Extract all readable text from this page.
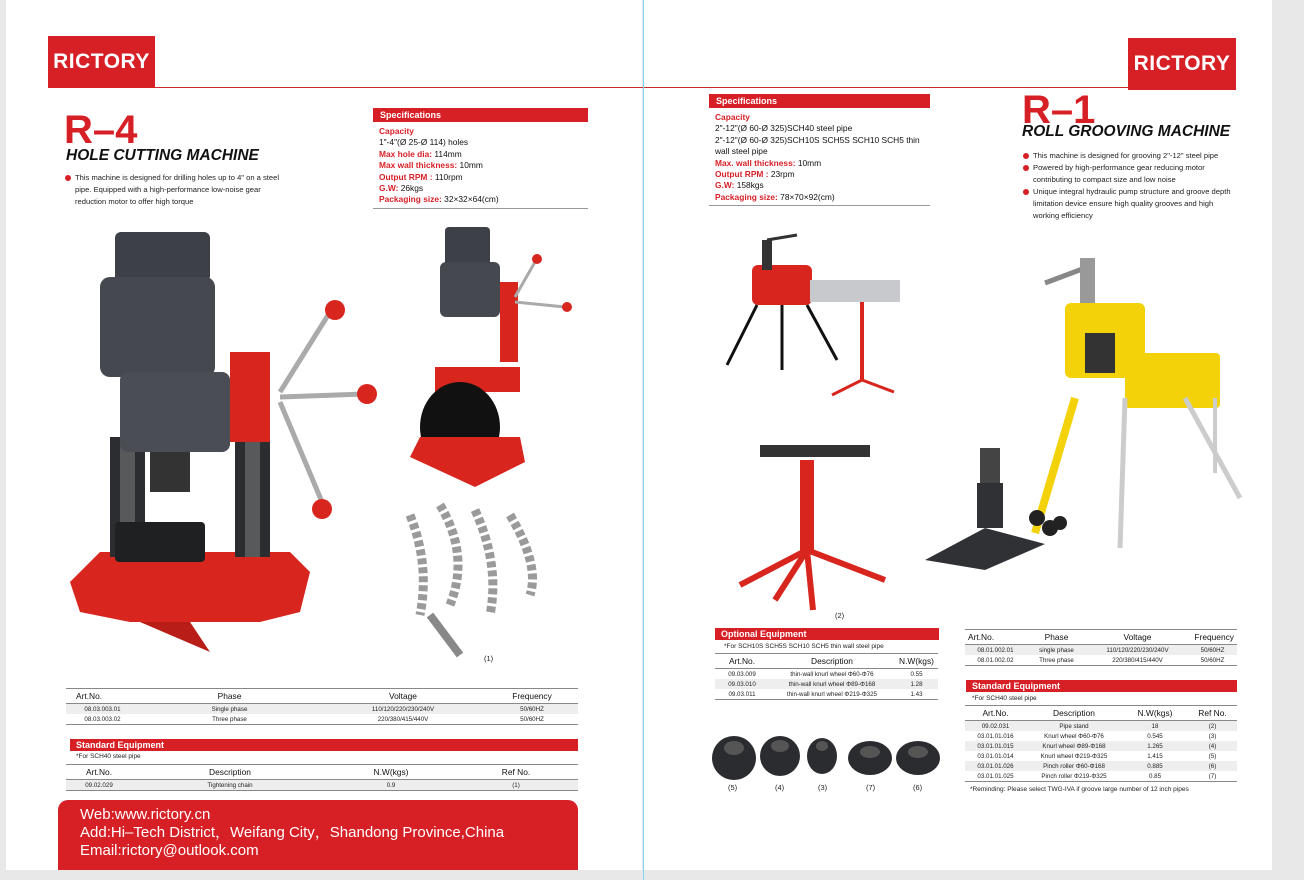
RICTORY
R–4
HOLE CUTTING MACHINE
This machine is designed for drilling holes up to 4" on a steel pipe. Equipped with a high-performance low-noise gear reduction motor to offer high torque
Specifications
Capacity
1"-4"(Ø 25-Ø 114) holes
Max hole dia: 114mm
Max wall thickness: 10mm
Output RPM : 110rpm
G.W: 26kgs
Packaging size: 32×32×64(cm)
(1)
Art.No.	Phase	Voltage	Frequency
08.03.003.01	Single phase	110/120/220/230/240V	50/60HZ
08.03.003.02	Three phase	220/380/415/440V	50/60HZ
Standard Equipment
*For SCH40 steel pipe
Art.No.	Description	N.W(kgs)	Ref No.
09.02.029	Tightening chain	0.9	(1)
Web:www.rictory.cn
Add:Hi–Tech District，Weifang City，Shandong Province,China
Email:rictory@outlook.com
RICTORY
Specifications
Capacity
2"-12"(Ø 60-Ø 325)SCH40 steel pipe
2"-12"(Ø 60-Ø 325)SCH10S SCH5S SCH10 SCH5 thin wall steel pipe
Max. wall thickness: 10mm
Output RPM : 23rpm
G.W: 158kgs
Packaging size: 78×70×92(cm)
R–1
ROLL GROOVING MACHINE
This machine is designed for grooving 2"-12" steel pipe
Powered by high-performance gear reducing motor contributing to compact size and low noise
Unique integral hydraulic pump structure and groove depth limitation device ensure high quality grooves and high working efficiency
(2)
Optional Equipment
*For SCH10S SCH5S SCH10 SCH5 thin wall steel pipe
Art.No.	Description	N.W(kgs)
09.03.009	thin-wall knurl wheel Φ60-Φ76	0.55
09.03.010	thin-wall knurl wheel Φ89-Φ168	1.28
09.03.011	thin-wall knurl wheel Φ219-Φ325	1.43
(5)	(4)	(3)	(7)	(6)
Art.No.	Phase	Voltage	Frequency
08.01.002.01	single phase	110/120/220/230/240V	50/60HZ
08.01.002.02	Three phase	220/380/415/440V	50/60HZ
Standard Equipment
*For SCH40 steel pipe
Art.No.	Description	N.W(kgs)	Ref No.
09.02.031	Pipe stand	18	(2)
03.01.01.016	Knurl wheel Φ60-Φ76	0.545	(3)
03.01.01.015	Knurl wheel Φ89-Φ168	1.265	(4)
03.01.01.014	Knurl wheel Φ219-Φ325	1.415	(5)
03.01.01.026	Pinch roller Φ60-Φ168	0.885	(6)
03.01.01.025	Pinch roller Φ219-Φ325	0.85	(7)
*Reminding: Please select TWG-IVA if groove large number of 12 inch pipes
